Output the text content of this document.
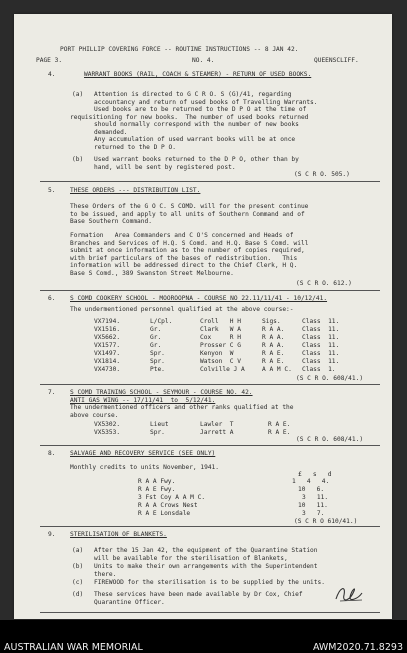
PORT PHILLIP COVERING FORCE -- ROUTINE INSTRUCTIONS -- 8 JAN 42.
PAGE 3.	NO. 4.	QUEENSCLIFF.
4.	WARRANT BOOKS (RAIL, COACH & STEAMER) - RETURN OF USED BOOKS.
(a) Attention is directed to G C R O. S (G)/41, regarding
accountancy and return of used books of Travelling Warrants.
Used books are to be returned to the D P O at the time of
requisitioning for new books.  The number of used books returned
should normally correspond with the number of new books
demanded.
Any accumulation of used warrant books will be at once
returned to the D P O.
(b) Used warrant books returned to the D P O, other than by
hand, will be sent by registered post.
(S C R O. 505.)
5. THESE ORDERS --- DISTRIBUTION LIST.
These Orders of the G O C. S COMD. will for the present continue
to be issued, and apply to all units of Southern Command and of
Base Southern Command.
Formation   Area Commanders and C O'S concerned and Heads of
Branches and Services of H.Q. S Comd. and H.Q. Base S Comd. will
submit at once information as to the number of copies required,
with brief particulars of the bases of redistribution.   This
information will be addressed direct to the Chief Clerk, H Q.
Base S Comd., 389 Swanston Street Melbourne.
(S C R O. 612.)
6. S COMD COOKERY SCHOOL - MOOROOPNA - COURSE NO 22.11/11/41 - 10/12/41.
The undermentioned personnel qualified at the above course:-
VX7194.	L/Cpl.	Croll   H H	Sigs.	Class  11.
VX1516.	Gr.	Clark   W A	R A A.	Class  11.
VX5662.	Gr.	Cox     R H	R A A.	Class  11.
VX1577.	Gr.	Prosser C G	R A A.	Class  11.
VX1497.	Spr.	Kenyon  W	R A E.	Class  11.
VX1814.	Spr.	Watson  C V	R A E.	Class  11.
VX4730.	Pte.	Colville J A	A A M C. Class  1.
(S C R O. 608/41.)
7. S COMD TRAINING SCHOOL - SEYMOUR - COURSE NO. 42.
ANTI GAS WING -- 17/11/41  to  5/12/41.
The undermentioned officers and other ranks qualified at the
above course.
VX5302.	Lieut	Lawler  T	R A E.
VX5353.	Spr.	Jarrett A	R A E.
(S C R O. 608/41.)
8. SALVAGE AND RECOVERY SERVICE (SEE ONLY)
Monthly credits to units November, 1941.
£   s   d
R A A Fwy.	1   4   4.
R A E Fwy.	10   6.
3 Fst Coy A A M C.	3   11.
R A A Crows Nest	10   11.
R A E Lonsdale	3   7.
(S C R O 610/41.)
9. STERILISATION OF BLANKETS.
(a) After the 15 Jan 42, the equipment of the Quarantine Station
will be available for the sterilisation of Blankets,
(b) Units to make their own arrangements with the Superintendent
there.
(c) FIREWOOD for the sterilisation is to be supplied by the units.
(d) These services have been made available by Dr Cox, Chief
Quarantine Officer.
AUSTRALIAN WAR MEMORIAL	AWM2020.71.8293
